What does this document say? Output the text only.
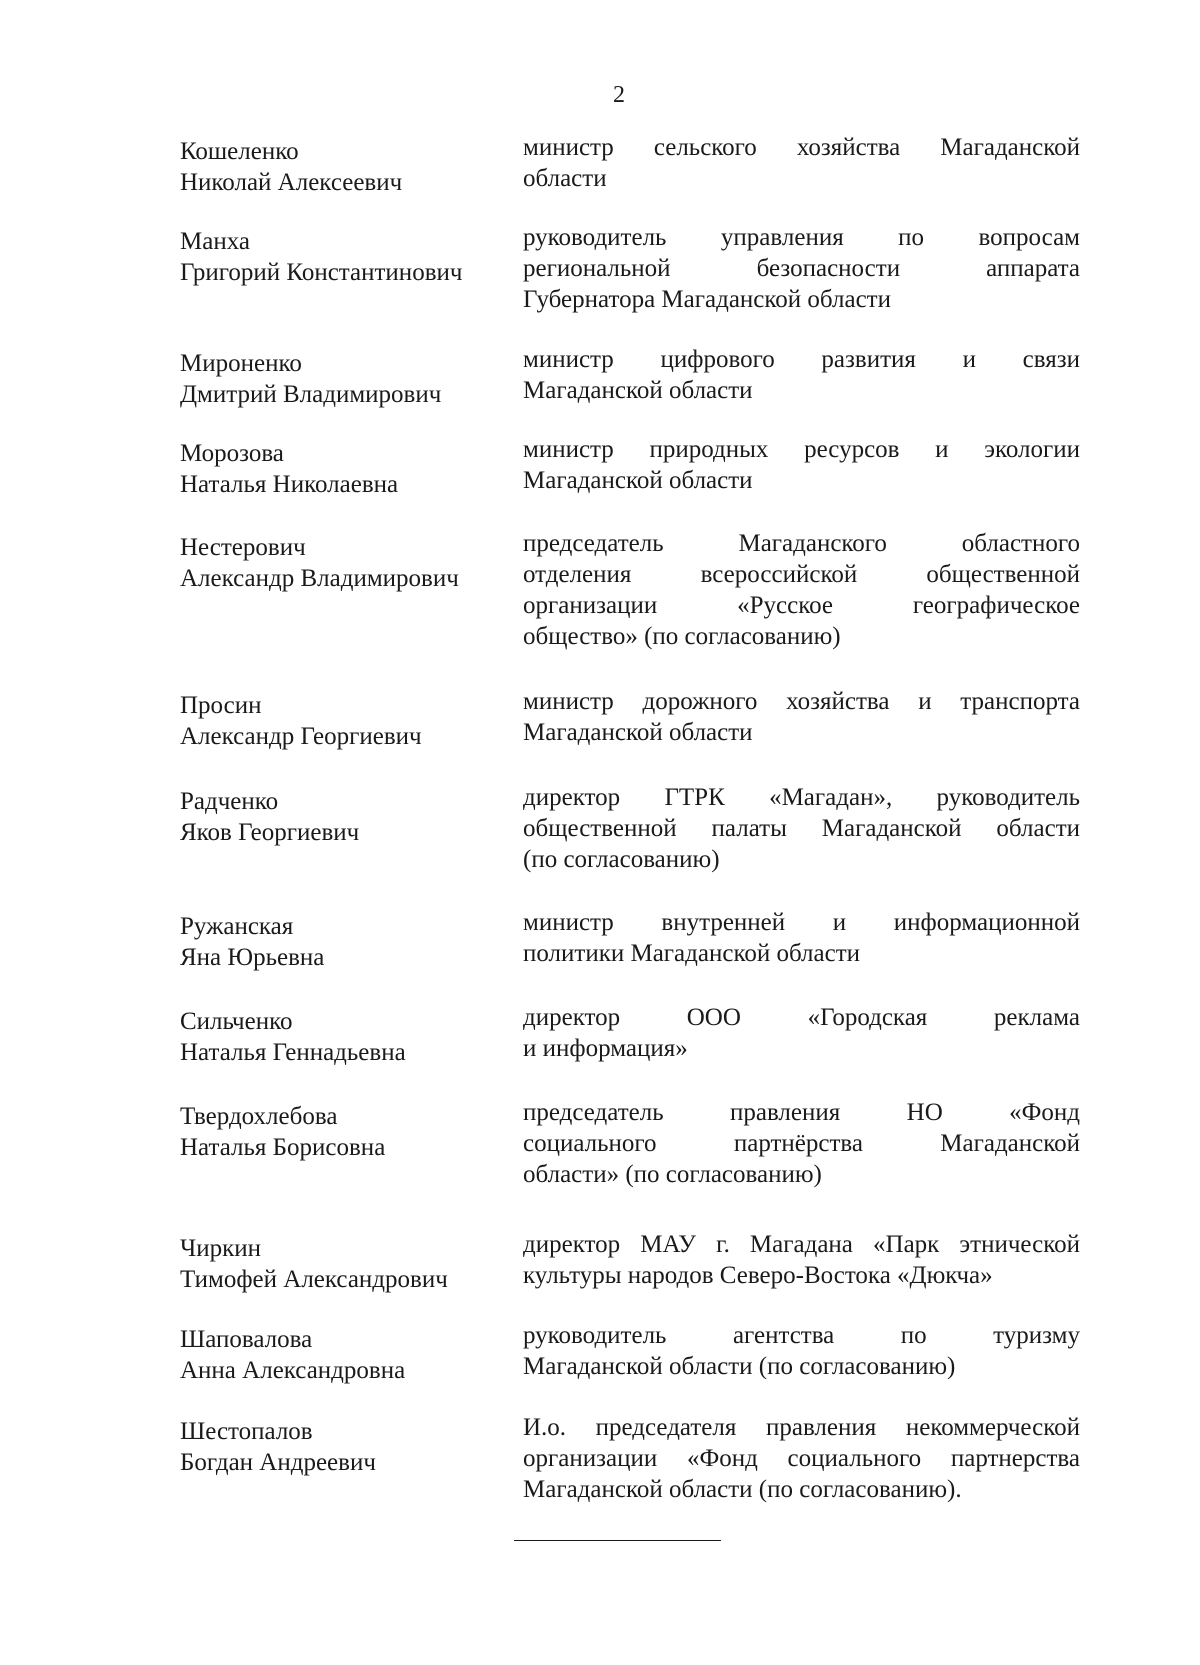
2
Кошеленко
Николай Алексеевич
министр сельского хозяйства Магаданской
области
Манха
Григорий Константинович
руководитель управления по вопросам
региональной безопасности аппарата
Губернатора Магаданской области
Мироненко
Дмитрий Владимирович
министр цифрового развития и связи
Магаданской области
Морозова
Наталья Николаевна
министр природных ресурсов и экологии
Магаданской области
Нестерович
Александр Владимирович
председатель Магаданского областного
отделения всероссийской общественной
организации «Русское географическое
общество» (по согласованию)
Просин
Александр Георгиевич
министр дорожного хозяйства и транспорта
Магаданской области
Радченко
Яков Георгиевич
директор ГТРК «Магадан», руководитель
общественной палаты Магаданской области
(по согласованию)
Ружанская
Яна Юрьевна
министр внутренней и информационной
политики Магаданской области
Сильченко
Наталья Геннадьевна
директор ООО «Городская реклама
и информация»
Твердохлебова
Наталья Борисовна
председатель правления НО «Фонд
социального партнёрства Магаданской
области» (по согласованию)
Чиркин
Тимофей Александрович
директор МАУ г. Магадана «Парк этнической
культуры народов Северо-Востока «Дюкча»
Шаповалова
Анна Александровна
руководитель агентства по туризму
Магаданской области (по согласованию)
Шестопалов
Богдан Андреевич
И.о. председателя правления некоммерческой
организации «Фонд социального партнерства
Магаданской области (по согласованию).
